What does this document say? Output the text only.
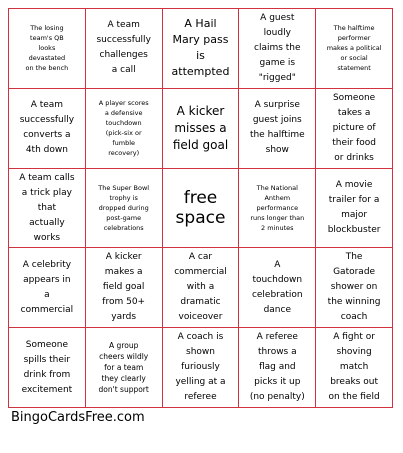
The losing
team's QB
looks
devastated
on the bench
A team
successfully
challenges
a call
A Hail
Mary pass
is
attempted
A guest
loudly
claims the
game is
"rigged"
The halftime
performer
makes a political
or social
statement
A team
successfully
converts a
4th down
A player scores
a defensive
touchdown
(pick-six or
fumble
recovery)
A kicker
misses a
field goal
A surprise
guest joins
the halftime
show
Someone
takes a
picture of
their food
or drinks
A team calls
a trick play
that
actually
works
The Super Bowl
trophy is
dropped during
post-game
celebrations
free
space
The National
Anthem
performance
runs longer than
2 minutes
A movie
trailer for a
major
blockbuster
A celebrity
appears in
a
commercial
A kicker
makes a
field goal
from 50+
yards
A car
commercial
with a
dramatic
voiceover
A
touchdown
celebration
dance
The
Gatorade
shower on
the winning
coach
Someone
spills their
drink from
excitement
A group
cheers wildly
for a team
they clearly
don't support
A coach is
shown
furiously
yelling at a
referee
A referee
throws a
flag and
picks it up
(no penalty)
A fight or
shoving
match
breaks out
on the field
BingoCardsFree.com
